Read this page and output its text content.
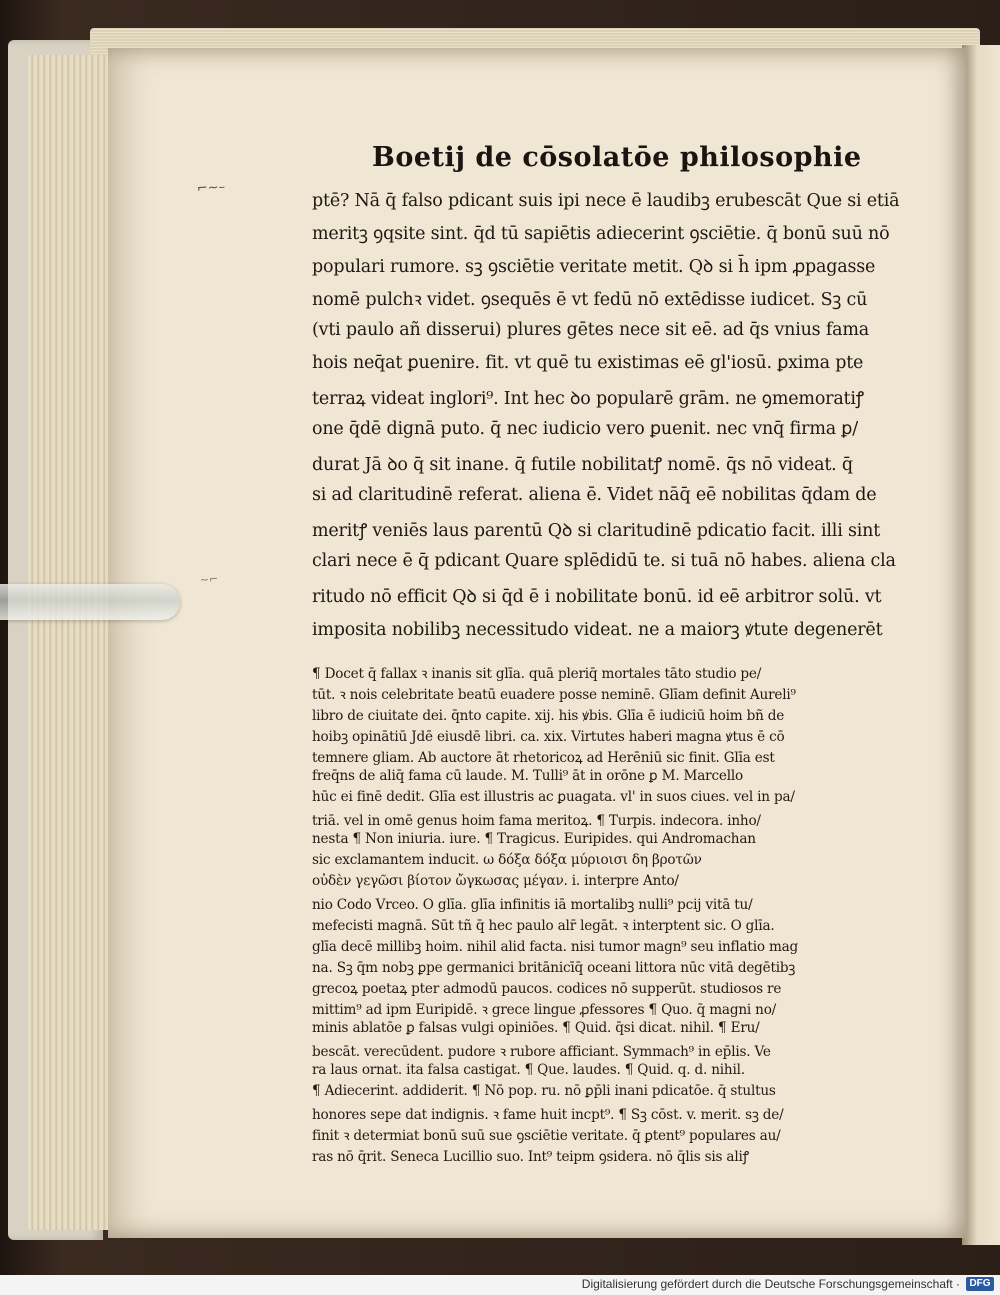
Boetij de cōsolatōe philosophie
⌐~–
~⌐
ptē? Nā q̄ falso pdicant suis ipi nece ē laudibꝫ erubescāt Que si etiā
meritꝫ ꝯqsite sint. q̄d tū sapiētis adiecerint ꝯsciētie. q̄ bonū suū nō
populari rumore. sꝫ ꝯsciētie veritate metit. Qꝺ si h̄ ipm ꝓpagasse
nomē pulchꝛ videt. ꝯsequēs ē vt fedū nō extēdisse iudicet. Sꝫ cū
(vti paulo añ disserui) plures gētes nece sit eē. ad q̄s vnius fama
hois neq̄at ꝑuenire. fit. vt quē tu existimas eē gl'iosū. ꝑxima pte
terraꝝ videat inglori⁹. Int hec ꝺo popularē grām. ne ꝯmemoratiꝭ
one q̄dē dignā puto. q̄ nec iudicio vero ꝑuenit. nec vnq̄ firma ꝑ/
durat Jā ꝺo q̄ sit inane. q̄ futile nobilitatꝭ nomē. q̄s nō videat. q̄
si ad claritudinē referat. aliena ē. Videt nāq̄ eē nobilitas q̄dam de
meritꝭ veniēs laus parentū Qꝺ si claritudinē pdicatio facit. illi sint
clari nece ē q̄ pdicant Quare splēdidū te. si tuā nō habes. aliena cla
ritudo nō efficit Qꝺ si q̄d ē i nobilitate bonū. id eē arbitror solū. vt
imposita nobilibꝫ necessitudo videat. ne a maiorꝫ ꝟtute degenerēt
¶ Docet q̄ fallax ꝛ inanis sit glīa. quā pleriq̄ mortales tāto studio pe/
tūt. ꝛ nois celebritate beatū euadere posse neminē. Glīam definit Aureli⁹
libro de ciuitate dei. q̄nto capite. xij. his ꝟbis. Glīa ē iudiciū hoim bñ de
hoibꝫ opinātiū Jdē eiusdē libri. ca. xix. Virtutes haberi magna ꝟtus ē cō
temnere gliam. Ab auctore āt rhetoricoꝝ ad Herēniū sic finit. Glīa est
freq̄ns de aliq̄ fama cū laude. M. Tulli⁹ āt in orōne ꝑ M. Marcello
hūc ei finē dedit. Glīa est illustris ac ꝑuagata. vl' in suos ciues. vel in pa/
triā. vel in omē genus hoim fama meritoꝝ. ¶ Turpis. indecora. inho/
nesta ¶ Non iniuria. iure. ¶ Tragicus. Euripides. qui Andromachan
sic exclamantem inducit. ω δόξα δόξα μύριοισι δη βροτῶν
οὐδὲν γεγῶσι βίοτον ὤγκωσας μέγαν. i. interpre Anto/
nio Codo Vrceo. O glīa. glīa infinitis iā mortalibꝫ nulli⁹ pcij vitā tu/
mefecisti magnā. Sūt tñ q̄ hec paulo alr̄ legāt. ꝛ interptent sic. O glīa.
glīa decē millibꝫ hoim. nihil alid facta. nisi tumor magn⁹ seu inflatio mag
na. Sꝫ q̄m nobꝫ ꝑpe germanici britānicīq̄ oceani littora nūc vitā degētibꝫ
grecoꝝ poetaꝝ pter admodū paucos. codices nō supperūt. studiosos re
mittim⁹ ad ipm Euripidē. ꝛ grece lingue ꝓfessores ¶ Quo. q̄ magni no/
minis ablatōe ꝑ falsas vulgi opiniōes. ¶ Quid. q̄si dicat. nihil. ¶ Eru/
bescāt. verecūdent. pudore ꝛ rubore afficiant. Symmach⁹ in ep̄lis. Ve
ra laus ornat. ita falsa castigat. ¶ Que. laudes. ¶ Quid. q. d. nihil.
¶ Adiecerint. addiderit. ¶ Nō pop. ru. nō ꝑp̄li inani pdicatōe. q̄ stultus
honores sepe dat indignis. ꝛ fame huit incpt⁹. ¶ Sꝫ cōst. v. merit. sꝫ de/
finit ꝛ determiat bonū suū sue ꝯsciētie veritate. q̄ ꝑtent⁹ populares au/
ras nō q̄rit. Seneca Lucillio suo. Int⁹ teipm ꝯsidera. nō q̄lis sis aliꝭ
Digitalisierung gefördert durch die Deutsche Forschungsgemeinschaft · DFG
